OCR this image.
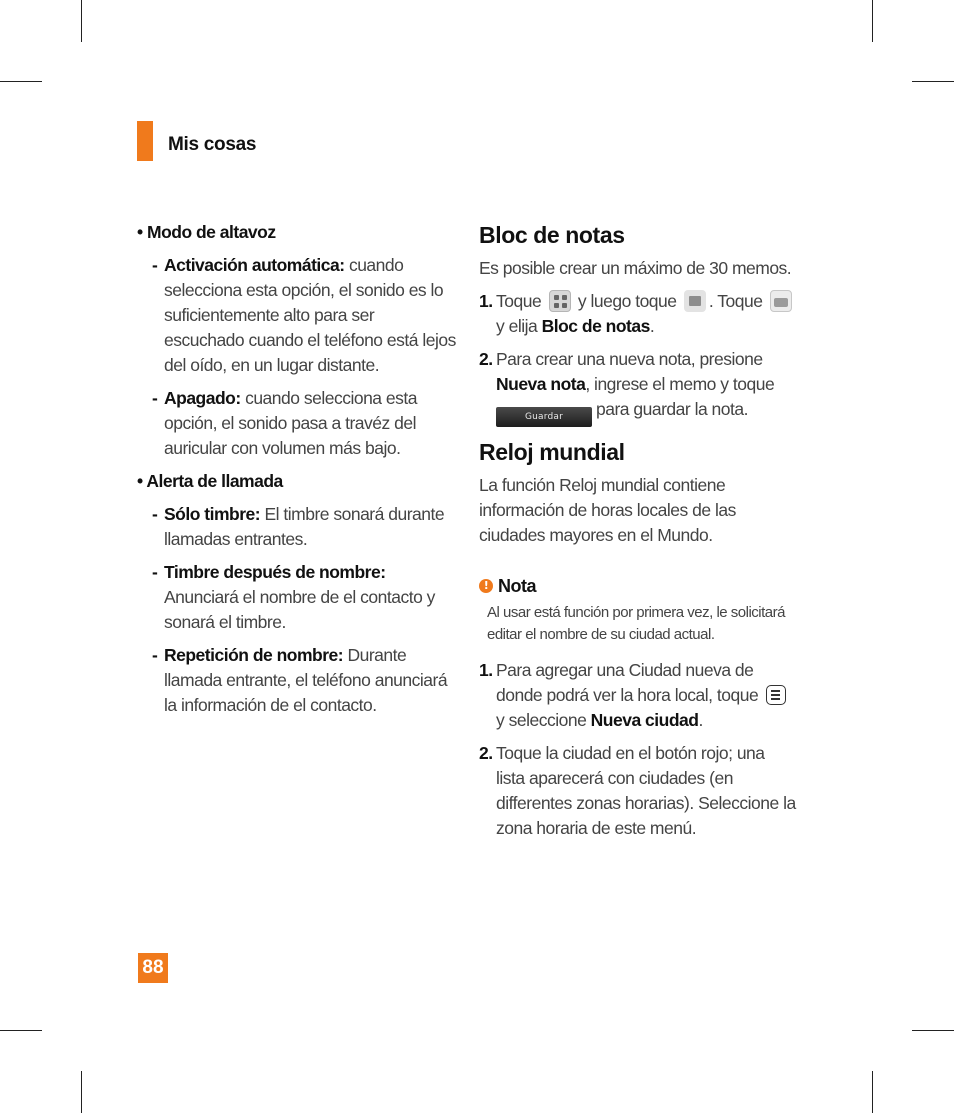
Mis cosas

• Modo de altavoz

- Activación automática: cuando selecciona esta opción, el sonido es lo suficientemente alto para ser escuchado cuando el teléfono está lejos del oído, en un lugar distante.

- Apagado: cuando selecciona esta opción, el sonido pasa a travéz del auricular con volumen más bajo.

• Alerta de llamada

- Sólo timbre: El timbre sonará durante llamadas entrantes.

- Timbre después de nombre: Anunciará el nombre de el contacto y sonará el timbre.

- Repetición de nombre: Durante llamada entrante, el teléfono anunciará la información de el contacto.

Bloc de notas

Es posible crear un máximo de 30 memos.

1. Toque
y luego toque . Toque
y elija Bloc de notas.

2. Para crear una nueva nota, presione Nueva nota, ingrese el memo y toque
Guardar para guardar la nota.

Reloj mundial

La función Reloj mundial contiene información de horas locales de las ciudades mayores en el Mundo.

! Nota

Al usar está función por primera vez, le solicitará editar el nombre de su ciudad actual.

1. Para agregar una Ciudad nueva de donde podrá ver la hora local, toque
y seleccione Nueva ciudad.

2. Toque la ciudad en el botón rojo; una lista aparecerá con ciudades (en differentes zonas horarias). Seleccione la zona horaria de este menú.

88
